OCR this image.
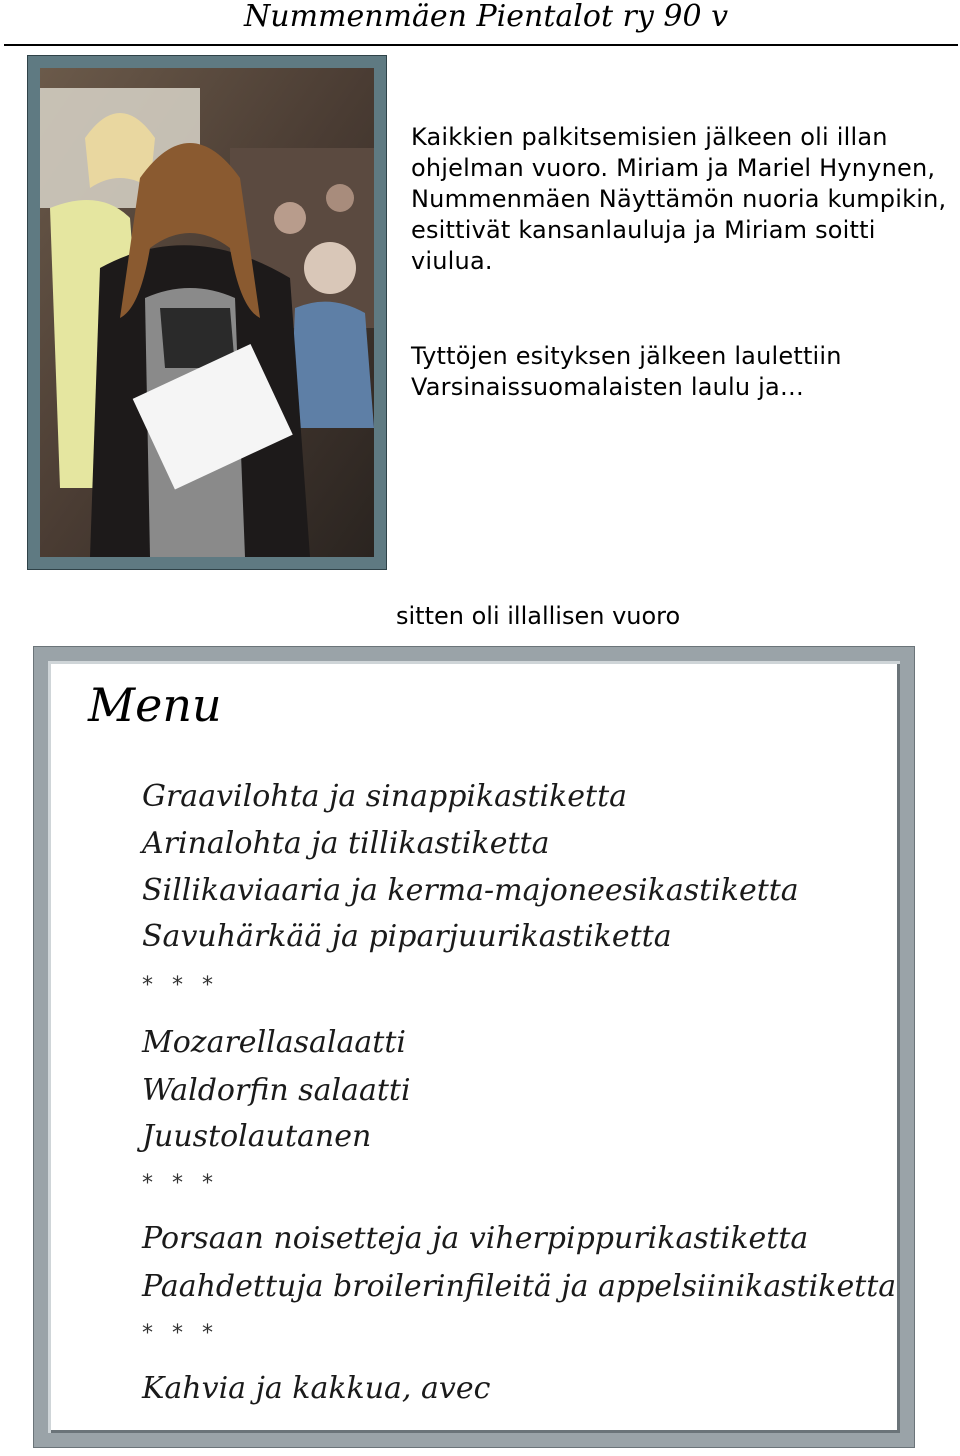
Nummenmäen Pientalot ry 90 v
Kaikkien palkitsemisien jälkeen oli illan ohjelman vuoro. Miriam ja Mariel Hynynen, Nummenmäen Näyttämön nuoria kumpikin, esittivät kansanlauluja ja Miriam soitti viulua.
Tyttöjen esityksen jälkeen laulettiin Varsinaissuomalaisten laulu ja…
sitten oli illallisen vuoro
Menu
Graavilohta ja sinappikastiketta
Arinalohta ja tillikastiketta
Sillikaviaaria ja kerma-majoneesikastiketta
Savuhärkää ja piparjuurikastiketta
* * *
Mozarellasalaatti
Waldorfin salaatti
Juustolautanen
* * *
Porsaan noisetteja ja viherpippurikastiketta
Paahdettuja broilerinfileitä ja appelsiinikastiketta
* * *
Kahvia ja kakkua, avec
